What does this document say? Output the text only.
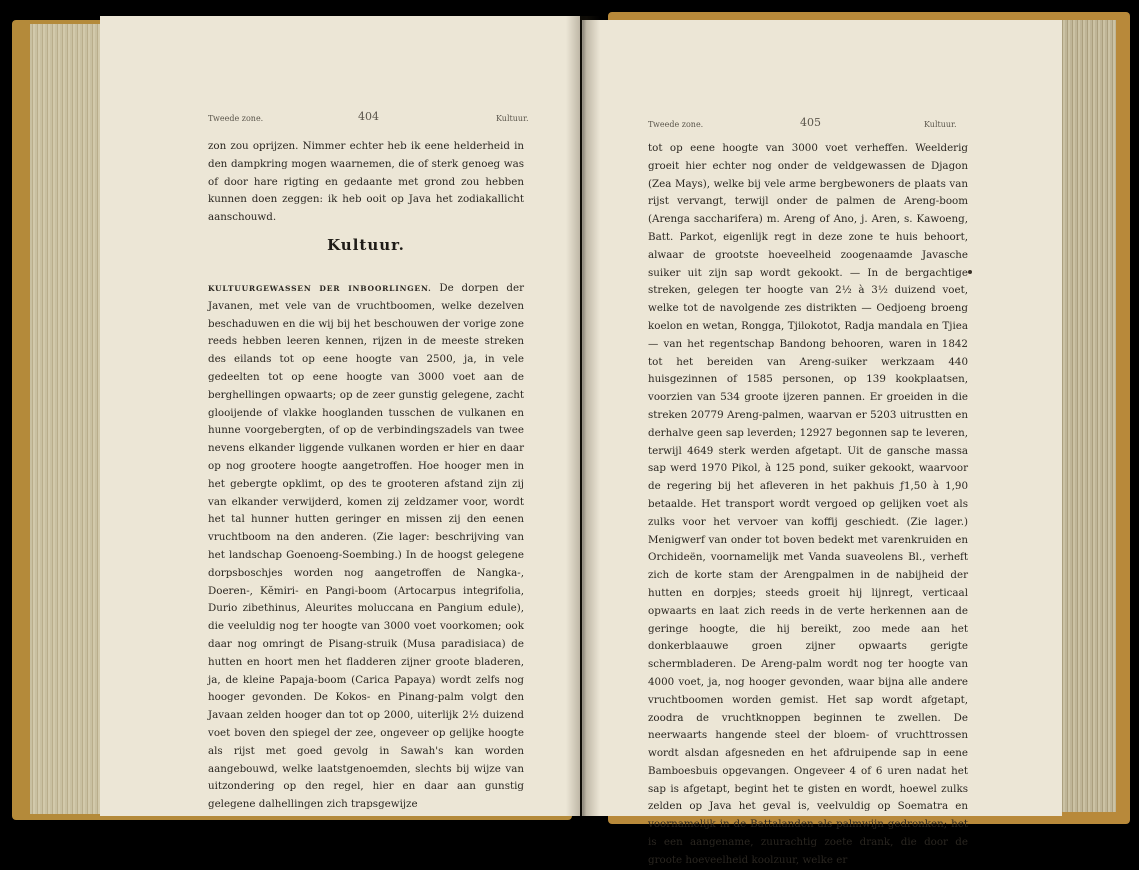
Tweede zone.	404	Kultuur.

zon zou oprijzen. Nimmer echter heb ik eene helderheid in den dampkring mogen waarnemen, die of sterk genoeg was of door hare rigting en gedaante met grond zou hebben kunnen doen zeggen: ik heb ooit op Java het zodiakallicht aanschouwd.

Kultuur.

KULTUURGEWASSEN DER INBOORLINGEN. De dorpen der Javanen, met vele van de vruchtboomen, welke dezelven beschaduwen en die wij bij het beschouwen der vorige zone reeds hebben leeren kennen, rijzen in de meeste streken des eilands tot op eene hoogte van 2500, ja, in vele gedeelten tot op eene hoogte van 3000 voet aan de berghellingen opwaarts; op de zeer gunstig gelegene, zacht glooijende of vlakke hooglanden tusschen de vulkanen en hunne voorgebergten, of op de verbindingszadels van twee nevens elkander liggende vulkanen worden er hier en daar op nog grootere hoogte aangetroffen. Hoe hooger men in het gebergte opklimt, op des te grooteren afstand zijn zij van elkander verwijderd, komen zij zeldzamer voor, wordt het tal hunner hutten geringer en missen zij den eenen vruchtboom na den anderen. (Zie lager: beschrijving van het landschap Goenoeng-Soembing.) In de hoogst gelegene dorpsboschjes worden nog aangetroffen de Nangka-, Doeren-, Kĕmiri- en Pangi-boom (Artocarpus integrifolia, Durio zibethinus, Aleurites moluccana en Pangium edule), die veeluldig nog ter hoogte van 3000 voet voorkomen; ook daar nog omringt de Pisang-struik (Musa paradisiaca) de hutten en hoort men het fladderen zijner groote bladeren, ja, de kleine Papaja-boom (Carica Papaya) wordt zelfs nog hooger gevonden. De Kokos- en Pinang-palm volgt den Javaan zelden hooger dan tot op 2000, uiterlijk 2½ duizend voet boven den spiegel der zee, ongeveer op gelijke hoogte als rijst met goed gevolg in Sawah's kan worden aangebouwd, welke laatstgenoemden, slechts bij wijze van uitzondering op den regel, hier en daar aan gunstig gelegene dalhellingen zich trapsgewijze

Tweede zone.	405	Kultuur.

tot op eene hoogte van 3000 voet verheffen. Weelderig groeit hier echter nog onder de veldgewassen de Djagon (Zea Mays), welke bij vele arme bergbewoners de plaats van rijst vervangt, terwijl onder de palmen de Areng-boom (Arenga saccharifera) m. Areng of Ano, j. Aren, s. Kawoeng, Batt. Parkot, eigenlijk regt in deze zone te huis behoort, alwaar de grootste hoeveelheid zoogenaamde Javasche suiker uit zijn sap wordt gekookt. — In de bergachtige streken, gelegen ter hoogte van 2½ à 3½ duizend voet, welke tot de navolgende zes distrikten — Oedjoeng broeng koelon en wetan, Rongga, Tjilokotot, Radja mandala en Tjiea — van het regentschap Bandong behooren, waren in 1842 tot het bereiden van Areng-suiker werkzaam 440 huisgezinnen of 1585 personen, op 139 kookplaatsen, voorzien van 534 groote ijzeren pannen. Er groeiden in die streken 20779 Areng-palmen, waarvan er 5203 uitrustten en derhalve geen sap leverden; 12927 begonnen sap te leveren, terwijl 4649 sterk werden afgetapt. Uit de gansche massa sap werd 1970 Pikol, à 125 pond, suiker gekookt, waarvoor de regering bij het afleveren in het pakhuis ƒ1,50 à 1,90 betaalde. Het transport wordt vergoed op gelijken voet als zulks voor het vervoer van koffij geschiedt. (Zie lager.) Menigwerf van onder tot boven bedekt met varenkruiden en Orchideën, voornamelijk met Vanda suaveolens Bl., verheft zich de korte stam der Arengpalmen in de nabijheid der hutten en dorpjes; steeds groeit hij lijnregt, verticaal opwaarts en laat zich reeds in de verte herkennen aan de geringe hoogte, die hij bereikt, zoo mede aan het donkerblaauwe groen zijner opwaarts gerigte schermbladeren. De Areng-palm wordt nog ter hoogte van 4000 voet, ja, nog hooger gevonden, waar bijna alle andere vruchtboomen worden gemist. Het sap wordt afgetapt, zoodra de vruchtknoppen beginnen te zwellen. De neerwaarts hangende steel der bloem- of vruchttrossen wordt alsdan afgesneden en het afdruipende sap in eene Bamboesbuis opgevangen. Ongeveer 4 of 6 uren nadat het sap is afgetapt, begint het te gisten en wordt, hoewel zulks zelden op Java het geval is, veelvuldig op Soematra en voornamelijk in de Battalanden als palmwijn gedronken; het is een aangename, zuurachtig zoete drank, die door de groote hoeveelheid koolzuur, welke er
